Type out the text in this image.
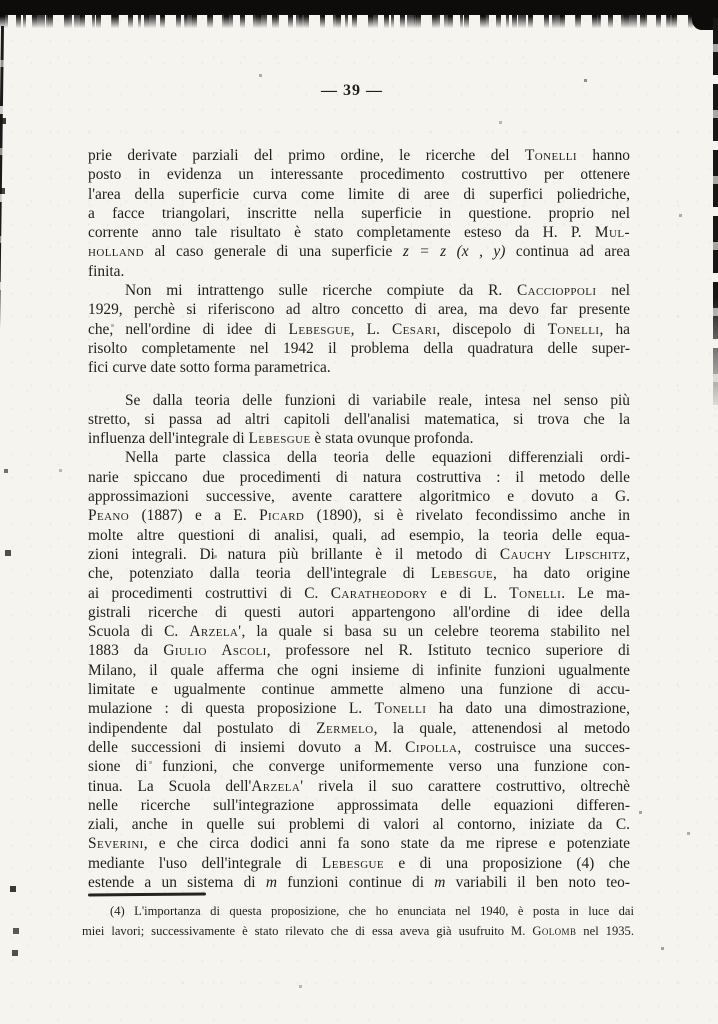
— 39 —
prie derivate parziali del primo ordine, le ricerche del Tonelli hanno
posto in evidenza un interessante procedimento costruttivo per ottenere
l'area della superficie curva come limite di aree di superfici poliedriche,
a facce triangolari, inscritte nella superficie in questione. proprio nel
corrente anno tale risultato è stato completamente esteso da H. P. Mul-
holland al caso generale di una superficie z = z (x , y) continua ad area
finita.
Non mi intrattengo sulle ricerche compiute da R. Caccioppoli nel
1929, perchè si riferiscono ad altro concetto di area, ma devo far presente
che, nell'ordine di idee di Lebesgue, L. Cesari, discepolo di Tonelli, ha
risolto completamente nel 1942 il problema della quadratura delle super-
fici curve date sotto forma parametrica.
Se dalla teoria delle funzioni di variabile reale, intesa nel senso più
stretto, si passa ad altri capitoli dell'analisi matematica, si trova che la
influenza dell'integrale di Lebesgue è stata ovunque profonda.
Nella parte classica della teoria delle equazioni differenziali ordi-
narie spiccano due procedimenti di natura costruttiva : il metodo delle
approssimazioni successive, avente carattere algoritmico e dovuto a G.
Peano (1887) e a E. Picard (1890), si è rivelato fecondissimo anche in
molte altre questioni di analisi, quali, ad esempio, la teoria delle equa-
zioni integrali. Di natura più brillante è il metodo di Cauchy Lipschitz,
che, potenziato dalla teoria dell'integrale di Lebesgue, ha dato origine
ai procedimenti costruttivi di C. Caratheodory e di L. Tonelli. Le ma-
gistrali ricerche di questi autori appartengono all'ordine di idee della
Scuola di C. Arzela', la quale si basa su un celebre teorema stabilito nel
1883 da Giulio Ascoli, professore nel R. Istituto tecnico superiore di
Milano, il quale afferma che ogni insieme di infinite funzioni ugualmente
limitate e ugualmente continue ammette almeno una funzione di accu-
mulazione : di questa proposizione L. Tonelli ha dato una dimostrazione,
indipendente dal postulato di Zermelo, la quale, attenendosi al metodo
delle successioni di insiemi dovuto a M. Cipolla, costruisce una succes-
sione di funzioni, che converge uniformemente verso una funzione con-
tinua. La Scuola dell'Arzela' rivela il suo carattere costruttivo, oltrechè
nelle ricerche sull'integrazione approssimata delle equazioni differen-
ziali, anche in quelle sui problemi di valori al contorno, iniziate da C.
Severini, e che circa dodici anni fa sono state da me riprese e potenziate
mediante l'uso dell'integrale di Lebesgue e di una proposizione (4) che
estende a un sistema di m funzioni continue di m variabili il ben noto teo-
(4) L'importanza di questa proposizione, che ho enunciata nel 1940, è posta in luce dai
miei lavori; successivamente è stato rilevato che di essa aveva già usufruito M. Golomb nel 1935.
